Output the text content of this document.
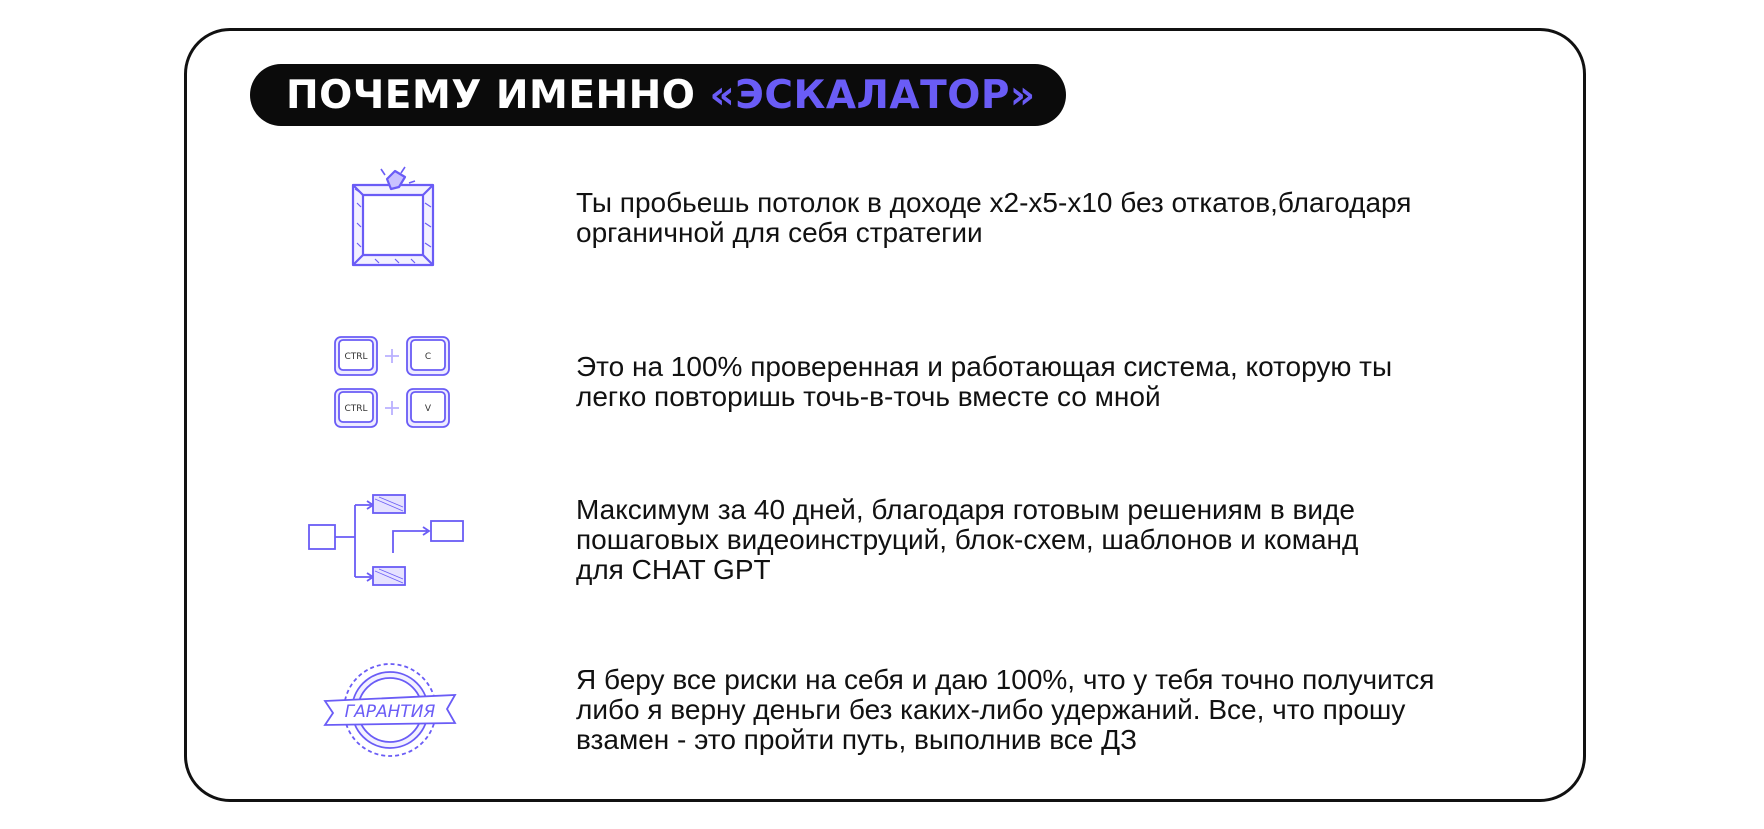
ПОЧЕМУ ИМЕННО «ЭСКАЛАТОР»
Ты пробьешь потолок в доходе х2-х5-х10 без откатов,благодаря
органичной для себя стратегии
CTRL	C
CTRL	V
Это на 100% проверенная и работающая система, которую ты
легко повторишь точь-в-точь вместе со мной
Максимум за 40 дней, благодаря готовым решениям в виде
пошаговых видеоинструций, блок-схем, шаблонов и команд
для CHAT GPT
ГАРАНТИЯ
Я беру все риски на себя и даю 100%, что у тебя точно получится
либо я верну деньги без каких-либо удержаний. Все, что прошу
взамен - это пройти путь, выполнив все ДЗ
